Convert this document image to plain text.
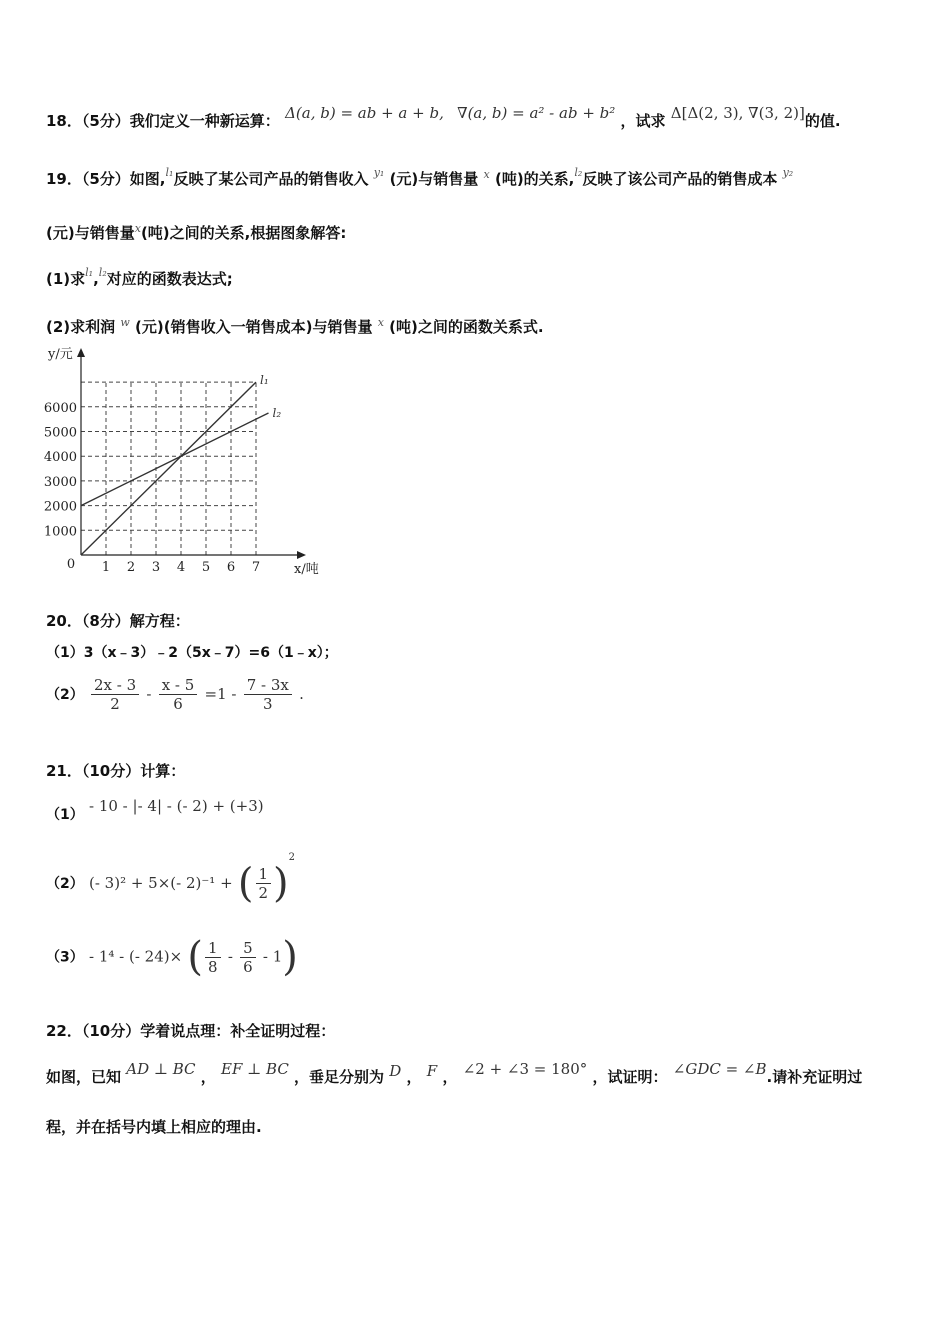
18．（5分）我们定义一种新运算： Δ(a, b) = ab + a + b, ∇(a, b) = a² - ab + b² ，试求 Δ[Δ(2, 3), ∇(3, 2)]的值.
19．（5分）如图,$^{l_1}$反映了某公司产品的销售收入 $^{y_1}$ (元)与销售量 $^x$ (吨)的关系,$^{l_2}$反映了该公司产品的销售成本 $^{y_2}$
(元)与销售量$^x$(吨)之间的关系,根据图象解答:
(1)求$^{l_1}$,$^{l_2}$对应的函数表达式;
(2)求利润 $^w$ (元)(销售收入一销售成本)与销售量 $^x$ (吨)之间的函数关系式.
1 2 3 4 5 6 7
1000
2000
3000
4000
5000
6000
0
y/元
x/吨
l₁
l₂
20．（8分）解方程：
（1）3（x﹣3）﹣2（5x﹣7）=6（1﹣x）；
$(2) \frac{2x - 3}{2} - \frac{x - 5}{6} =1 - \frac{7 - 3x}{3}$ .
21．（10分）计算：
（1） - 10 - |- 4| - (- 2) + (+3)
（2） (- 3)² + 5×(- 2)⁻¹ + ( $\frac{1}{2} )^2$
（3） - 1⁴ - (- 24)× ( $\frac{1}{8} - \frac{5}{6} - 1$)
22．（10分）学着说点理：补全证明过程：
如图，已知 AD ⊥ BC ， EF ⊥ BC ，垂足分别为 D ， F ， ∠2 + ∠3 = 180° ，试证明： ∠GDC = ∠B.请补充证明过
程，并在括号内填上相应的理由.
